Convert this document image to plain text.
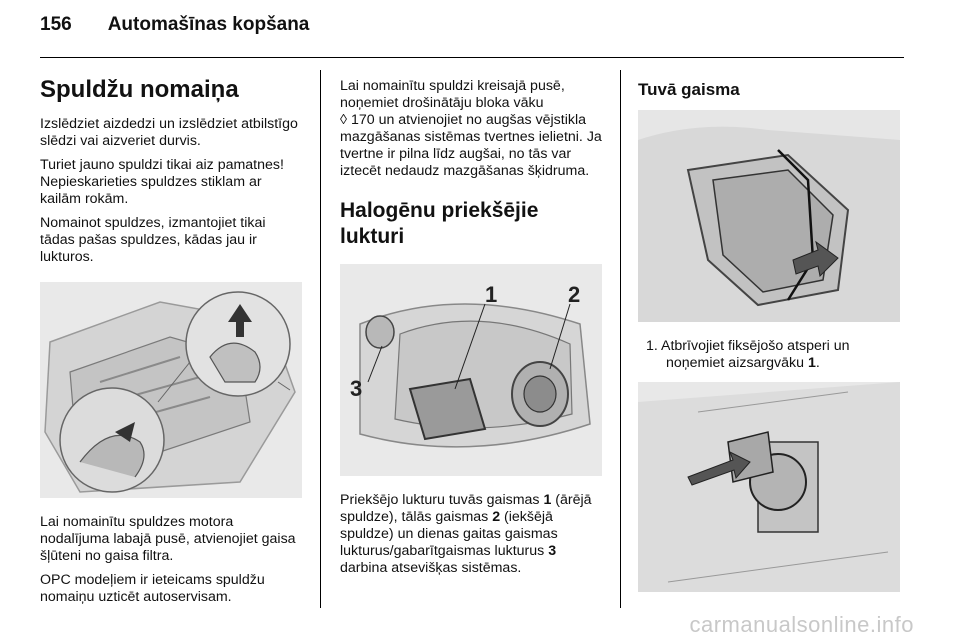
156 Automašīnas kopšana
Spuldžu nomaiņa

Izslēdziet aizdedzi un izslēdziet atbilstīgo slēdzi vai aizveriet durvis.

Turiet jauno spuldzi tikai aiz pamatnes! Nepieskarieties spuldzes stiklam ar kailām rokām.

Nomainot spuldzes, izmantojiet tikai tādas pašas spuldzes, kādas jau ir lukturos.

Lai nomainītu spuldzes motora nodalījuma labajā pusē, atvienojiet gaisa šļūteni no gaisa filtra.

OPC modeļiem ir ieteicams spuldžu nomaiņu uzticēt autoservisam.

Lai nomainītu spuldzi kreisajā pusē, noņemiet drošinātāju bloka vāku

◊ 170 un atvienojiet no augšas vējstikla mazgāšanas sistēmas tvertnes ielietni. Ja tvertne ir pilna līdz augšai, no tās var iztecēt nedaudz mazgāšanas šķidruma.

Halogēnu priekšējie lukturi
1	2
3

Priekšējo lukturu tuvās gaismas 1 (ārējā spuldze), tālās gaismas 2 (iekšējā spuldze) un dienas gaitas gaismas lukturus/gabarītgaismas lukturus 3 darbina atsevišķas sistēmas.

Tuvā gaisma

1. Atbrīvojiet fiksējošo atsperi un noņemiet aizsargvāku 1.

carmanualsonline.info
